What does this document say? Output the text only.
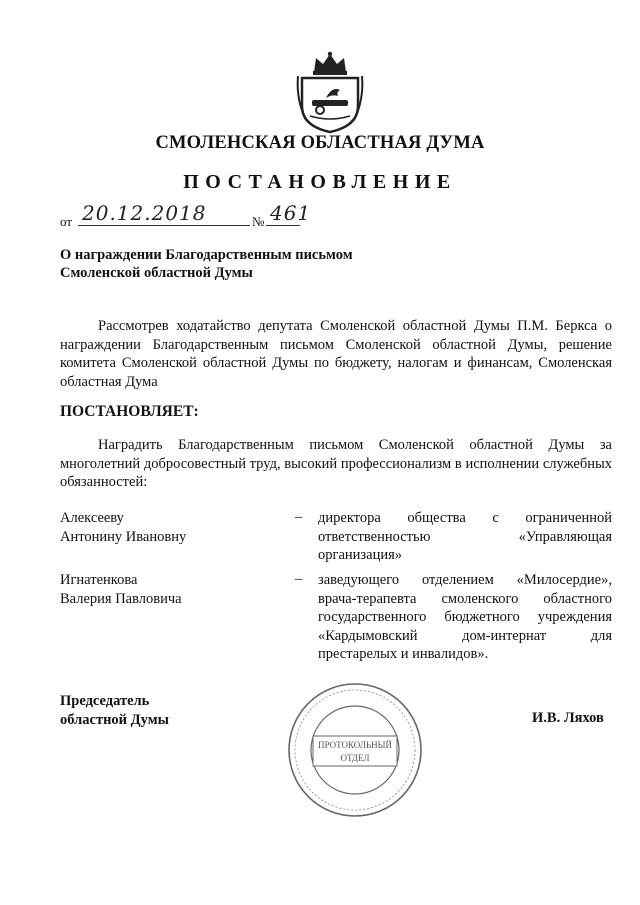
СМОЛЕНСКАЯ ОБЛАСТНАЯ ДУМА
ПОСТАНОВЛЕНИЕ
от 20.12.2018	№ 461
О награждении Благодарственным письмом
Смоленской областной Думы
Рассмотрев ходатайство депутата Смоленской областной Думы П.М. Беркса о награждении Благодарственным письмом Смоленской областной Думы, решение комитета Смоленской областной Думы по бюджету, налогам и финансам, Смоленская областная Дума
ПОСТАНОВЛЯЕТ:
Наградить Благодарственным письмом Смоленской областной Думы за многолетний добросовестный труд, высокий профессионализм в исполнении служебных обязанностей:
Алексееву
Антонину Ивановну
– директора общества с ограниченной ответственностью «Управляющая организация»
Игнатенкова
Валерия Павловича
– заведующего отделением «Милосердие», врача-терапевта смоленского областного государственного бюджетного учреждения «Кардымовский дом-интернат для престарелых и инвалидов».
Председатель
областной Думы	И.В. Ляхов
ПРОТОКОЛЬНЫЙ
ОТДЕЛ
